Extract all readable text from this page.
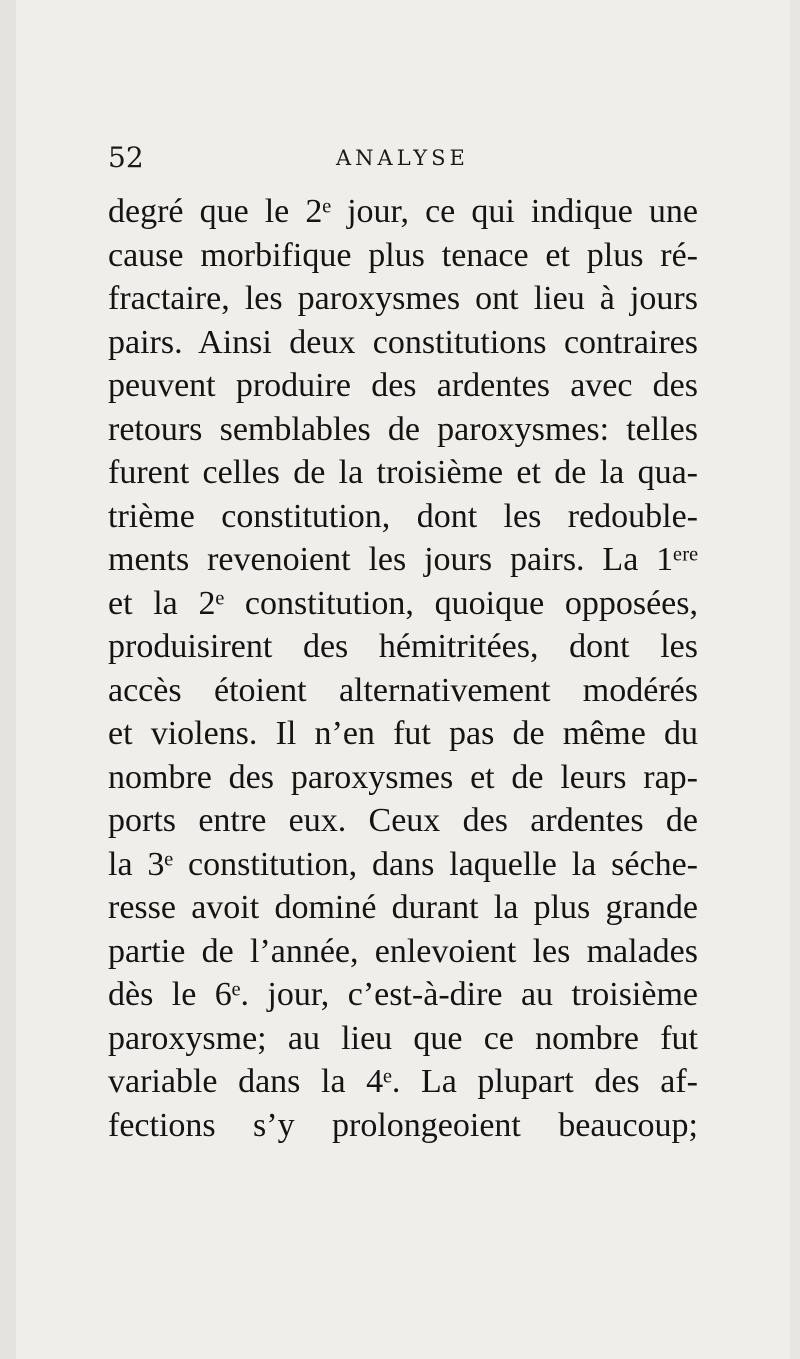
52	ANALYSE
degré que le 2ᵉ jour, ce qui indique une
cause morbifique plus tenace et plus ré-
fractaire, les paroxysmes ont lieu à jours
pairs. Ainsi deux constitutions contraires
peuvent produire des ardentes avec des
retours semblables de paroxysmes: telles
furent celles de la troisième et de la qua-
trième constitution, dont les redouble-
ments revenoient les jours pairs. La 1ᵉʳᵉ
et la 2ᵉ constitution, quoique opposées,
produisirent des hémitritées, dont les
accès étoient alternativement modérés
et violens. Il n’en fut pas de même du
nombre des paroxysmes et de leurs rap-
ports entre eux. Ceux des ardentes de
la 3ᵉ constitution, dans laquelle la séche-
resse avoit dominé durant la plus grande
partie de l’année, enlevoient les malades
dès le 6ᵉ. jour, c’est-à-dire au troisième
paroxysme; au lieu que ce nombre fut
variable dans la 4ᵉ. La plupart des af-
fections s’y prolongeoient beaucoup;
